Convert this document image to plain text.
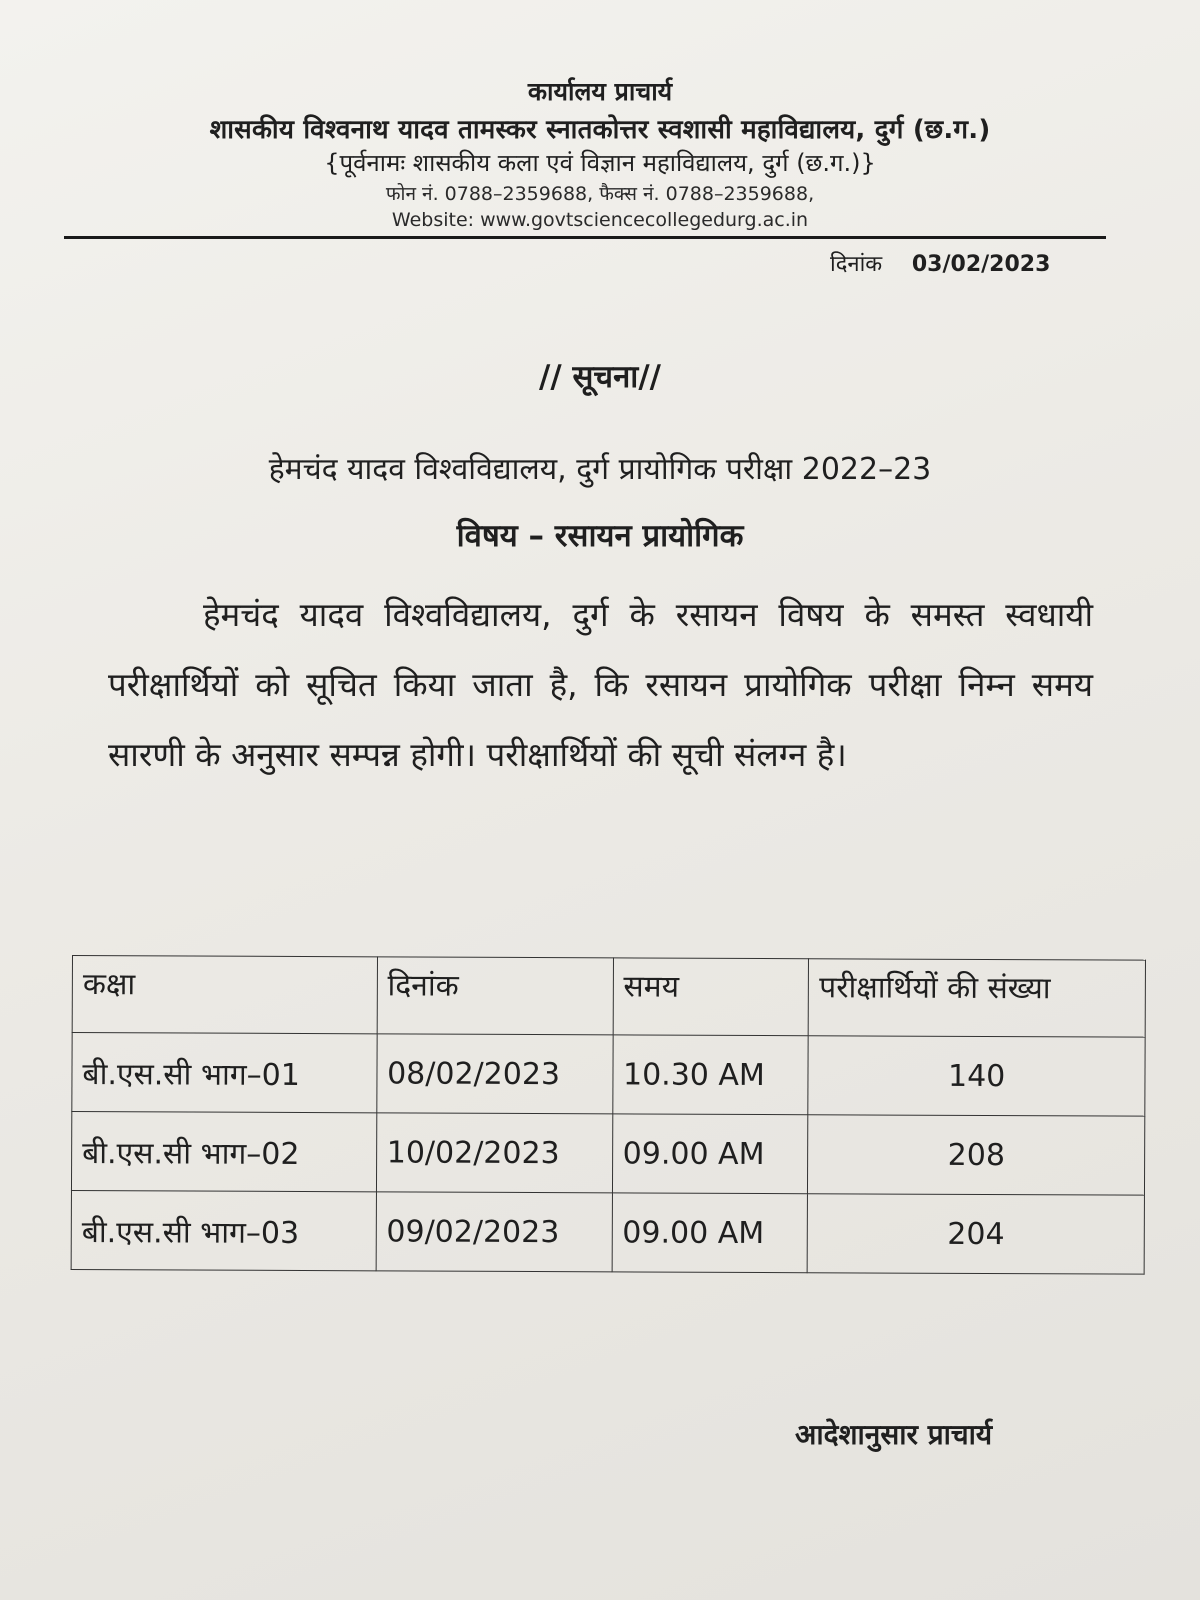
कार्यालय प्राचार्य
शासकीय विश्वनाथ यादव तामस्कर स्नातकोत्तर स्वशासी महाविद्यालय, दुर्ग (छ.ग.)
{पूर्वनामः शासकीय कला एवं विज्ञान महाविद्यालय, दुर्ग (छ.ग.)}
फोन नं. 0788–2359688, फैक्स नं. 0788–2359688,
Website: www.govtsciencecollegedurg.ac.in
दिनांक 03/02/2023
// सूचना//
हेमचंद यादव विश्वविद्यालय, दुर्ग प्रायोगिक परीक्षा 2022–23
विषय – रसायन प्रायोगिक

हेमचंद यादव विश्वविद्यालय, दुर्ग के रसायन विषय के समस्त स्वधायी परीक्षार्थियों को सूचित किया जाता है, कि रसायन प्रायोगिक परीक्षा निम्न समय सारणी के अनुसार सम्पन्न होगी। परीक्षार्थियों की सूची संलग्न है।

कक्षा	दिनांक	समय	परीक्षार्थियों की संख्या
बी.एस.सी भाग–01	08/02/2023	10.30 AM	140
बी.एस.सी भाग–02	10/02/2023	09.00 AM	208
बी.एस.सी भाग–03	09/02/2023	09.00 AM	204
आदेशानुसार प्राचार्य
